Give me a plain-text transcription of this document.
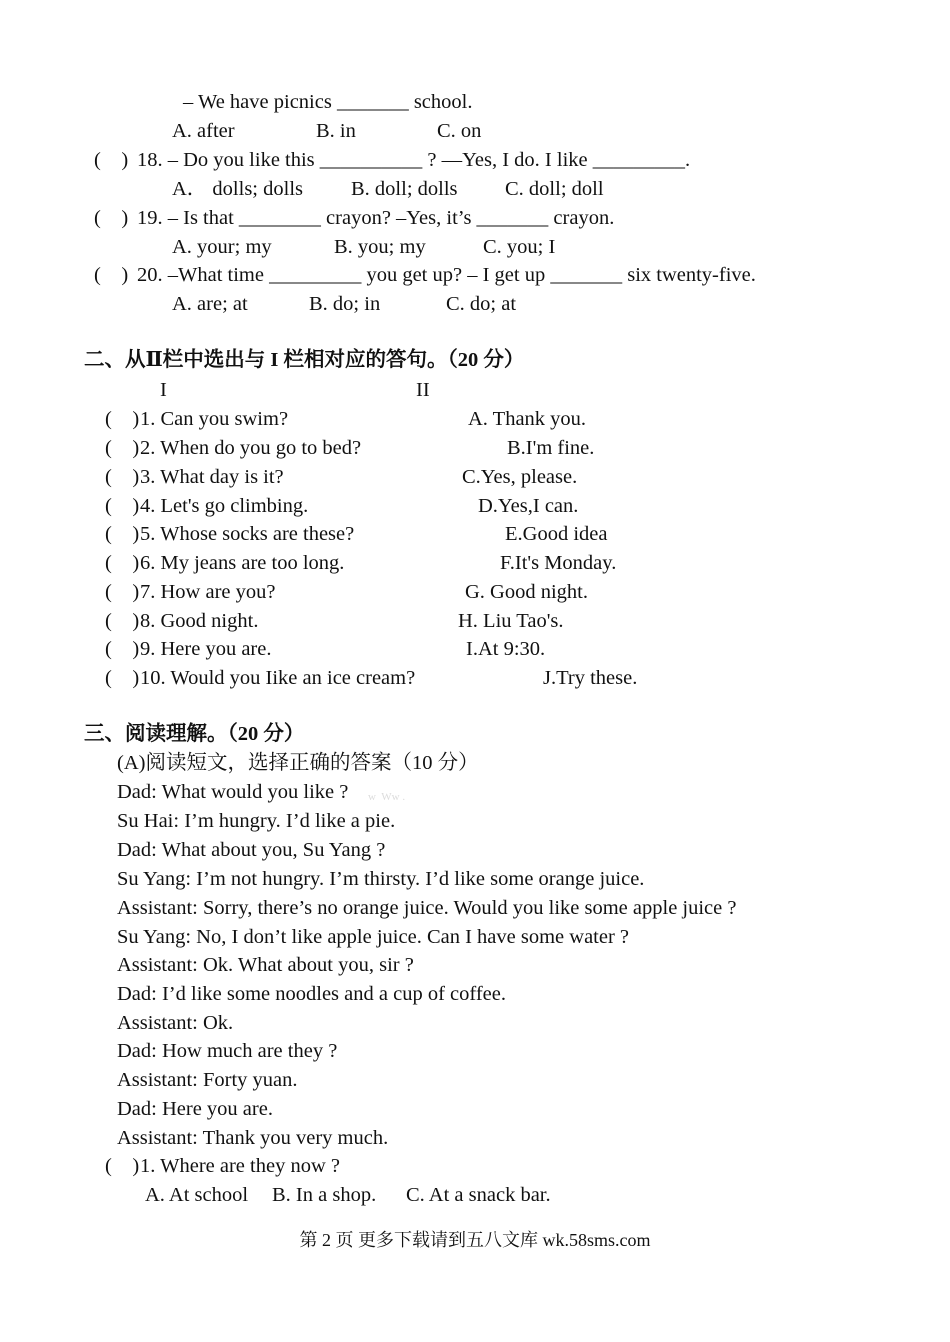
– We have picnics _______ school.
A. after	B. in	C. on
(    ) 18. – Do you like this __________ ? —Yes, I do. I like _________.
A． dolls; dolls B. doll; dolls C. doll; doll
(    ) 19. – Is that ________ crayon? –Yes, it’s _______ crayon.
A. your; my	B. you; my	C. you; I
(    ) 20. –What time _________ you get up? – I get up _______ six twenty-five.
A. are; at	B. do; in	C. do; at
二、从Ⅱ栏中选出与 I 栏相对应的答句。（20 分）
I	II
(    ) 1. Can you swim?	A. Thank you.
(    ) 2. When do you go to bed?	B.I'm fine.
(    ) 3. What day is it?	C.Yes, please.
(    ) 4. Let's go climbing.	D.Yes,I can.
(    ) 5. Whose socks are these?	E.Good idea
(    ) 6. My jeans are too long.	F.It's Monday.
(    ) 7. How are you?	G. Good night.
(    ) 8. Good night.	H. Liu Tao's.
(    ) 9. Here you are.	I.At 9:30.
(    ) 10. Would you Iike an ice cream?	J.Try these.
三、阅读理解。（20 分）
(A)阅读短文，选择正确的答案（10 分）
Dad: What would you like ? w  Ww .
Su Hai: I’m hungry. I’d like a pie.
Dad: What about you, Su Yang ?
Su Yang: I’m not hungry. I’m thirsty. I’d like some orange juice.
Assistant: Sorry, there’s no orange juice. Would you like some apple juice ?
Su Yang: No, I don’t like apple juice. Can I have some water ?
Assistant: Ok. What about you, sir ?
Dad: I’d like some noodles and a cup of coffee.
Assistant: Ok.
Dad: How much are they ?
Assistant: Forty yuan.
Dad: Here you are.
Assistant: Thank you very much.
(    ) 1. Where are they now ?
A. At school B. In a shop. C. At a snack bar.
第 2 页 更多下载请到五八文库 wk.58sms.com
